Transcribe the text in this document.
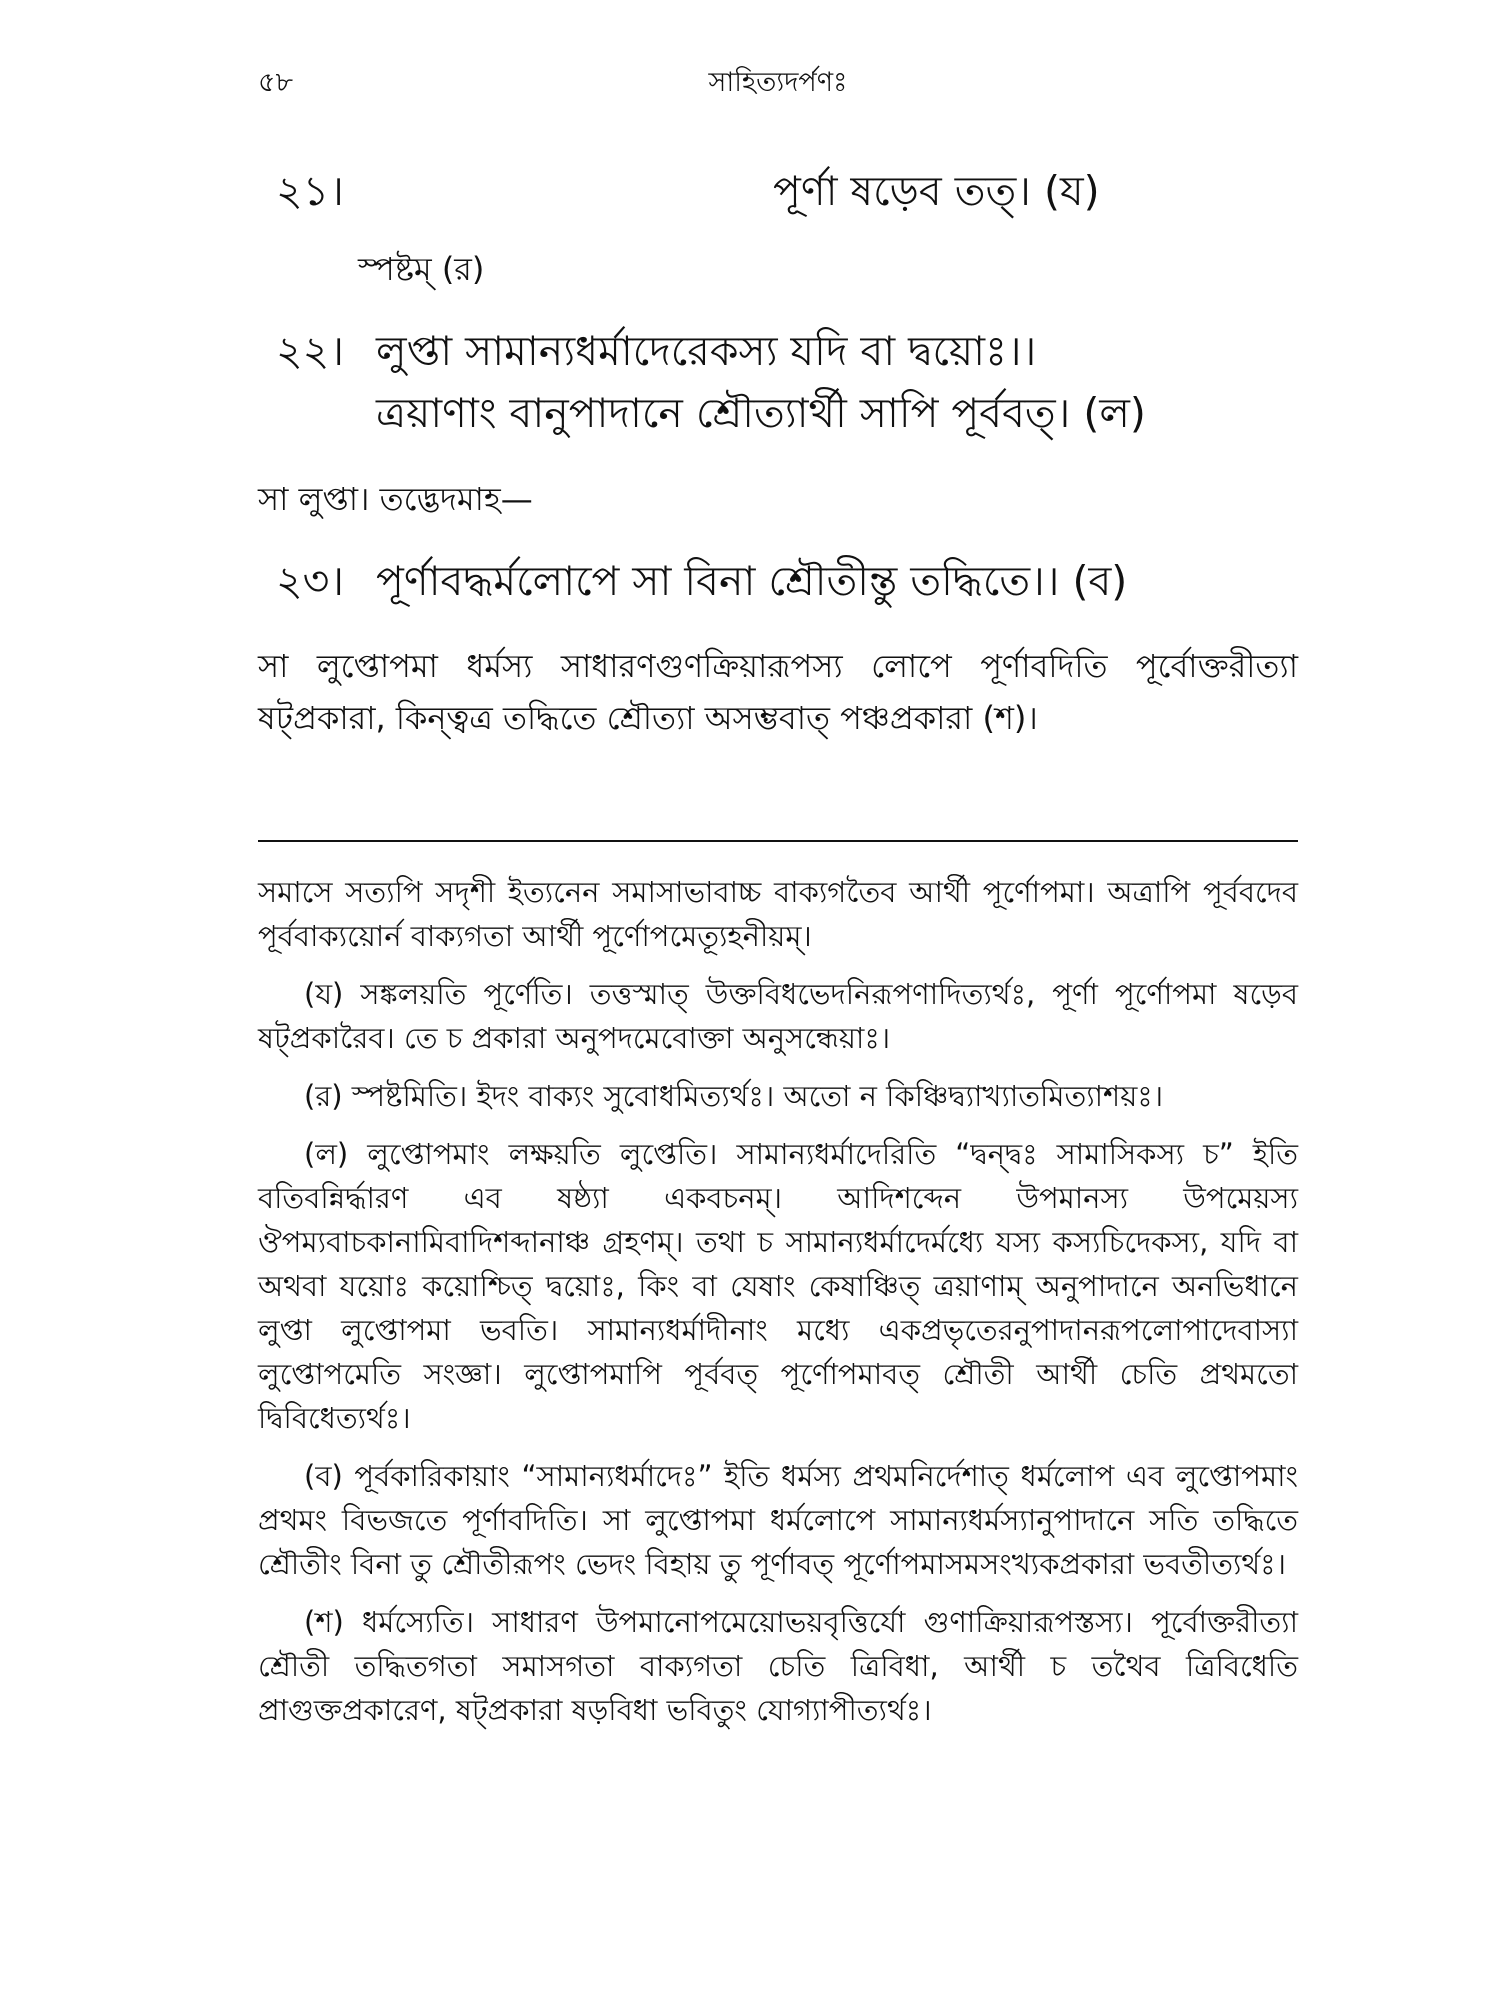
৫৮	সাহিত্যদর্পণঃ
২১।	পূর্ণা ষড়েব তত্। (য)
স্পষ্টম্ (র)
২২। লুপ্তা সামান্যধর্মাদেরেকস্য যদি বা দ্বয়োঃ।।
ত্রয়াণাং বানুপাদানে শ্রৌত্যার্থী সাপি পূর্ববত্। (ল)
সা লুপ্তা। তদ্ভেদমাহ—
২৩। পূর্ণাবদ্ধর্মলোপে সা বিনা শ্রৌতীন্তু তদ্ধিতে।। (ব)
সা লুপ্তোপমা ধর্মস্য সাধারণগুণক্রিয়ারূপস্য লোপে পূর্ণাবদিতি পূর্বোক্তরীত্যা ষট্প্রকারা, কিন্ত্বত্র তদ্ধিতে শ্রৌত্যা অসম্ভবাত্ পঞ্চপ্রকারা (শ)।

সমাসে সত্যপি সদৃশী ইত্যনেন সমাসাভাবাচ্চ বাক্যগতৈব আর্থী পূর্ণোপমা। অত্রাপি পূর্ববদেব পূর্ববাক্যয়োর্ন বাক্যগতা আর্থী পূর্ণোপমেত্যূহনীয়ম্।

(য) সঙ্কলয়তি পূর্ণেতি। তত্তস্মাত্ উক্তবিধভেদনিরূপণাদিত্যর্থঃ, পূর্ণা পূর্ণোপমা ষড়েব ষট্প্রকারৈব। তে চ প্রকারা অনুপদমেবোক্তা অনুসন্ধেয়াঃ।

(র) স্পষ্টমিতি। ইদং বাক্যং সুবোধমিত্যর্থঃ। অতো ন কিঞ্চিদ্ব্যাখ্যাতমিত্যাশয়ঃ।

(ল) লুপ্তোপমাং লক্ষয়তি লুপ্তেতি। সামান্যধর্মাদেরিতি “দ্বন্দ্বঃ সামাসিকস্য চ” ইতি বতিবন্নির্দ্ধারণ এব ষষ্ঠ্যা একবচনম্। আদিশব্দেন উপমানস্য উপমেয়স্য ঔপম্যবাচকানামিবাদিশব্দানাঞ্চ গ্রহণম্। তথা চ সামান্যধর্মাদের্মধ্যে যস্য কস্যচিদেকস্য, যদি বা অথবা যয়োঃ কয়োশ্চিত্ দ্বয়োঃ, কিং বা যেষাং কেষাঞ্চিত্ ত্রয়াণাম্ অনুপাদানে অনভিধানে লুপ্তা লুপ্তোপমা ভবতি। সামান্যধর্মাদীনাং মধ্যে একপ্রভৃতেরনুপাদানরূপলোপাদেবাস্যা লুপ্তোপমেতি সংজ্ঞা। লুপ্তোপমাপি পূর্ববত্ পূর্ণোপমাবত্ শ্রৌতী আর্থী চেতি প্রথমতো দ্বিবিধেত্যর্থঃ।

(ব) পূর্বকারিকায়াং “সামান্যধর্মাদেঃ” ইতি ধর্মস্য প্রথমনির্দেশাত্ ধর্মলোপ এব লুপ্তোপমাং প্রথমং বিভজতে পূর্ণাবদিতি। সা লুপ্তোপমা ধর্মলোপে সামান্যধর্মস্যানুপাদানে সতি তদ্ধিতে শ্রৌতীং বিনা তু শ্রৌতীরূপং ভেদং বিহায় তু পূর্ণাবত্ পূর্ণোপমাসমসংখ্যকপ্রকারা ভবতীত্যর্থঃ।

(শ) ধর্মস্যেতি। সাধারণ উপমানোপমেয়োভয়বৃত্তির্যো গুণাক্রিয়ারূপস্তস্য। পূর্বোক্তরীত্যা শ্রৌতী তদ্ধিতগতা সমাসগতা বাক্যগতা চেতি ত্রিবিধা, আর্থী চ তথৈব ত্রিবিধেতি প্রাগুক্তপ্রকারেণ, ষট্প্রকারা ষড়বিধা ভবিতুং যোগ্যাপীত্যর্থঃ।
